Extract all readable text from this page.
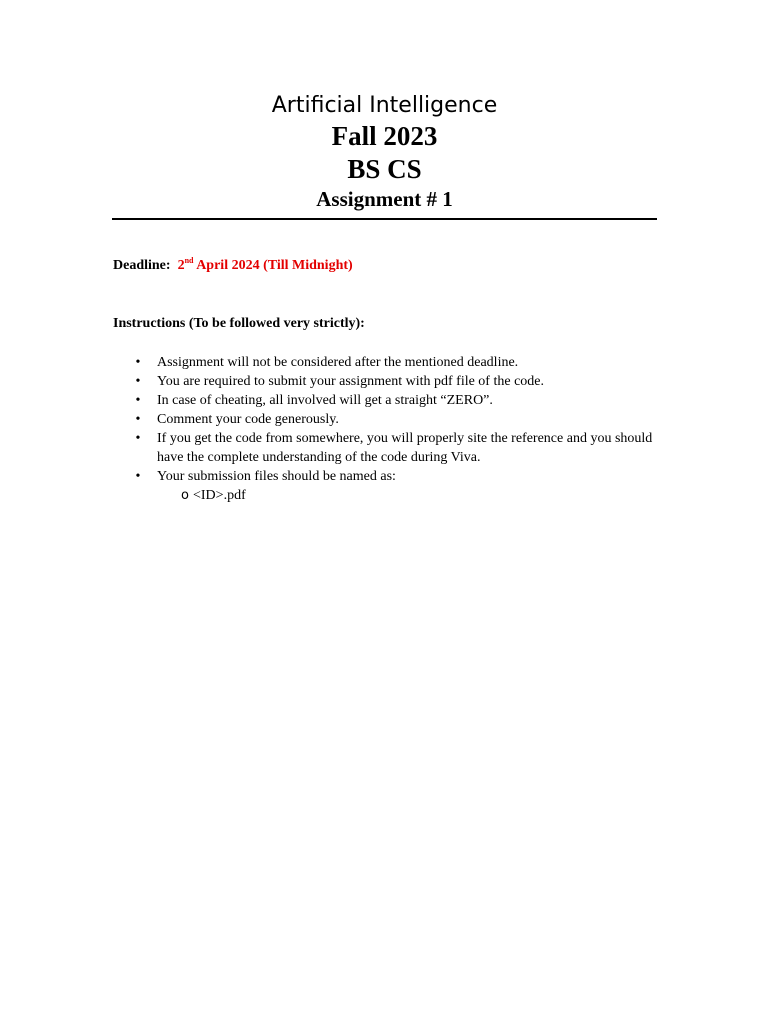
Artificial Intelligence

Fall 2023

BS CS

Assignment # 1

Deadline: 2nd April 2024 (Till Midnight)
Instructions (To be followed very strictly):
• Assignment will not be considered after the mentioned deadline.
• You are required to submit your assignment with pdf file of the code.
• In case of cheating, all involved will get a straight “ZERO”.
• Comment your code generously.
• If you get the code from somewhere, you will properly site the reference and you should have the complete understanding of the code during Viva.
• Your submission files should be named as:
o <ID>.pdf
